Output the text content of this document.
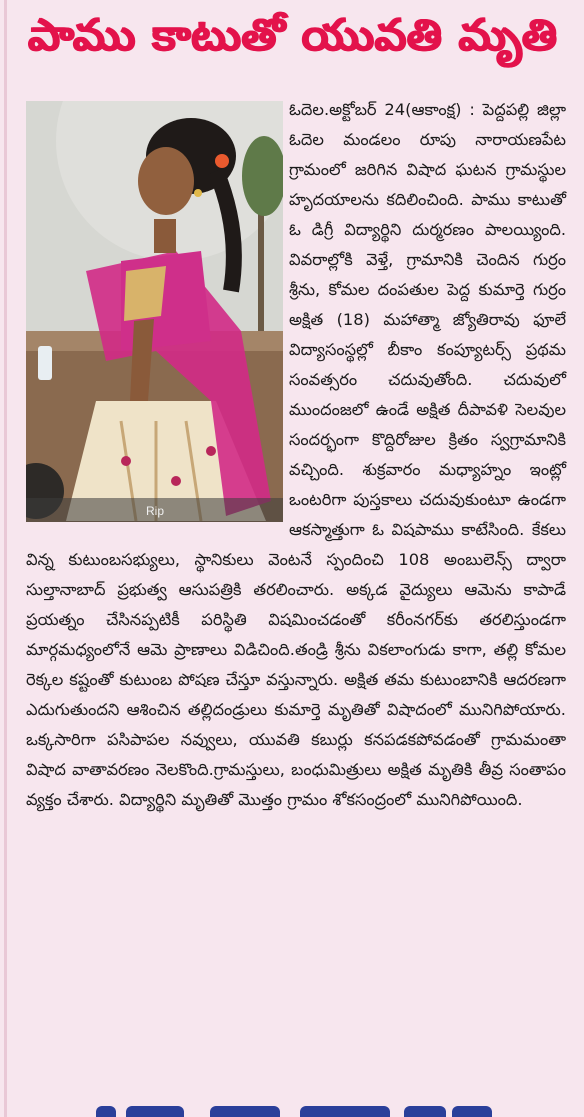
పాము కాటుతో యువతి మృతి

ఓదెల.అక్టోబర్ 24(ఆకాంక్ష) : పెద్దపల్లి జిల్లా ఓదెల మండలం రూపు నారాయణపేట గ్రామంలో జరిగిన విషాద ఘటన గ్రామస్థుల హృదయాలను కదిలించింది. పాము కాటుతో ఓ డిగ్రీ విద్యార్థిని దుర్మరణం పాలయ్యింది. వివరాల్లోకి వెళ్తే, గ్రామానికి చెందిన గుర్రం శ్రీను, కోమల దంపతుల పెద్ద కుమార్తె గుర్రం అక్షిత (18) మహాత్మా జ్యోతిరావు ఫూలే విద్యాసంస్థల్లో బీకాం కంప్యూటర్స్ ప్రథమ సంవత్సరం చదువుతోంది. చదువులో ముందంజలో ఉండే అక్షిత దీపావళి సెలవుల సందర్భంగా కొద్దిరోజుల క్రితం స్వగ్రామానికి వచ్చింది. శుక్రవారం మధ్యాహ్నం ఇంట్లో ఒంటరిగా పుస్తకాలు చదువుకుంటూ ఉండగా ఆకస్మాత్తుగా ఓ విషపాము కాటేసింది. కేకలు విన్న కుటుంబసభ్యులు, స్థానికులు వెంటనే స్పందించి 108 అంబులెన్స్ ద్వారా సుల్తానాబాద్ ప్రభుత్వ ఆసుపత్రికి తరలించారు. అక్కడ వైద్యులు ఆమెను కాపాడే ప్రయత్నం చేసినప్పటికీ పరిస్థితి విషమించడంతో కరీంనగర్‌కు తరలిస్తుండగా మార్గమధ్యంలోనే ఆమె ప్రాణాలు విడిచింది.తండ్రి శ్రీను వికలాంగుడు కాగా, తల్లి కోమల రెక్కల కష్టంతో కుటుంబ పోషణ చేస్తూ వస్తున్నారు. అక్షిత తమ కుటుంబానికి ఆదరణగా ఎదుగుతుందని ఆశించిన తల్లిదండ్రులు కుమార్తె మృతితో విషాదంలో మునిగిపోయారు. ఒక్కసారిగా పసిపాపల నవ్వులు, యువతి కబుర్లు కనపడకపోవడంతో గ్రామమంతా విషాద వాతావరణం నెలకొంది.గ్రామస్తులు, బంధుమిత్రులు అక్షిత మృతికి తీవ్ర సంతాపం వ్యక్తం చేశారు. విద్యార్థిని మృతితో మొత్తం గ్రామం శోకసంద్రంలో మునిగిపోయింది.

Rip
